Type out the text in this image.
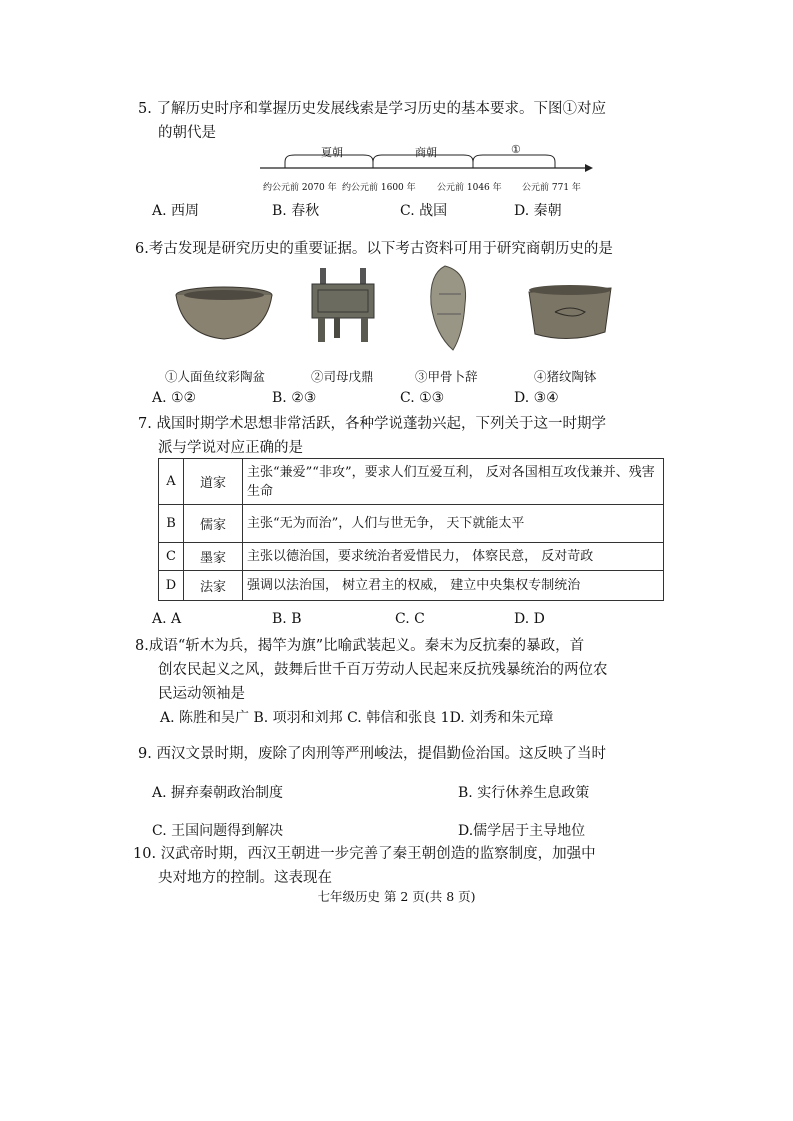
5. 了解历史时序和掌握历史发展线索是学习历史的基本要求。下图①对应
的朝代是
夏朝	商朝	①
约公元前 2070 年 约公元前 1600 年 公元前 1046 年 公元前 771 年
A. 西周	B. 春秋	C. 战国	D. 秦朝
6.考古发现是研究历史的重要证据。以下考古资料可用于研究商朝历史的是
①人面鱼纹彩陶盆	②司母戊鼎	③甲骨卜辞	④猪纹陶钵
A. ①②	B. ②③	C. ①③	D. ③④
7. 战国时期学术思想非常活跃，各种学说蓬勃兴起，下列关于这一时期学
派与学说对应正确的是
A	道家	主张“兼爱”“非攻”，要求人们互爱互利， 反对各国相互攻伐兼并、残害生命
B	儒家	主张“无为而治”，人们与世无争， 天下就能太平
C	墨家	主张以德治国，要求统治者爱惜民力， 体察民意， 反对苛政
D	法家	强调以法治国， 树立君主的权威， 建立中央集权专制统治
A. A	B. B	C. C	D. D
8.成语“斩木为兵，揭竿为旗”比喻武装起义。秦末为反抗秦的暴政，首
创农民起义之风，鼓舞后世千百万劳动人民起来反抗残暴统治的两位农
民运动领袖是
A. 陈胜和吴广 B. 项羽和刘邦 C. 韩信和张良 1D. 刘秀和朱元璋
9. 西汉文景时期，废除了肉刑等严刑峻法，提倡勤俭治国。这反映了当时
A. 摒弃秦朝政治制度	B. 实行休养生息政策
C. 王国问题得到解决	D.儒学居于主导地位
10. 汉武帝时期，西汉王朝进一步完善了秦王朝创造的监察制度，加强中
央对地方的控制。这表现在
七年级历史 第 2 页(共 8 页)
